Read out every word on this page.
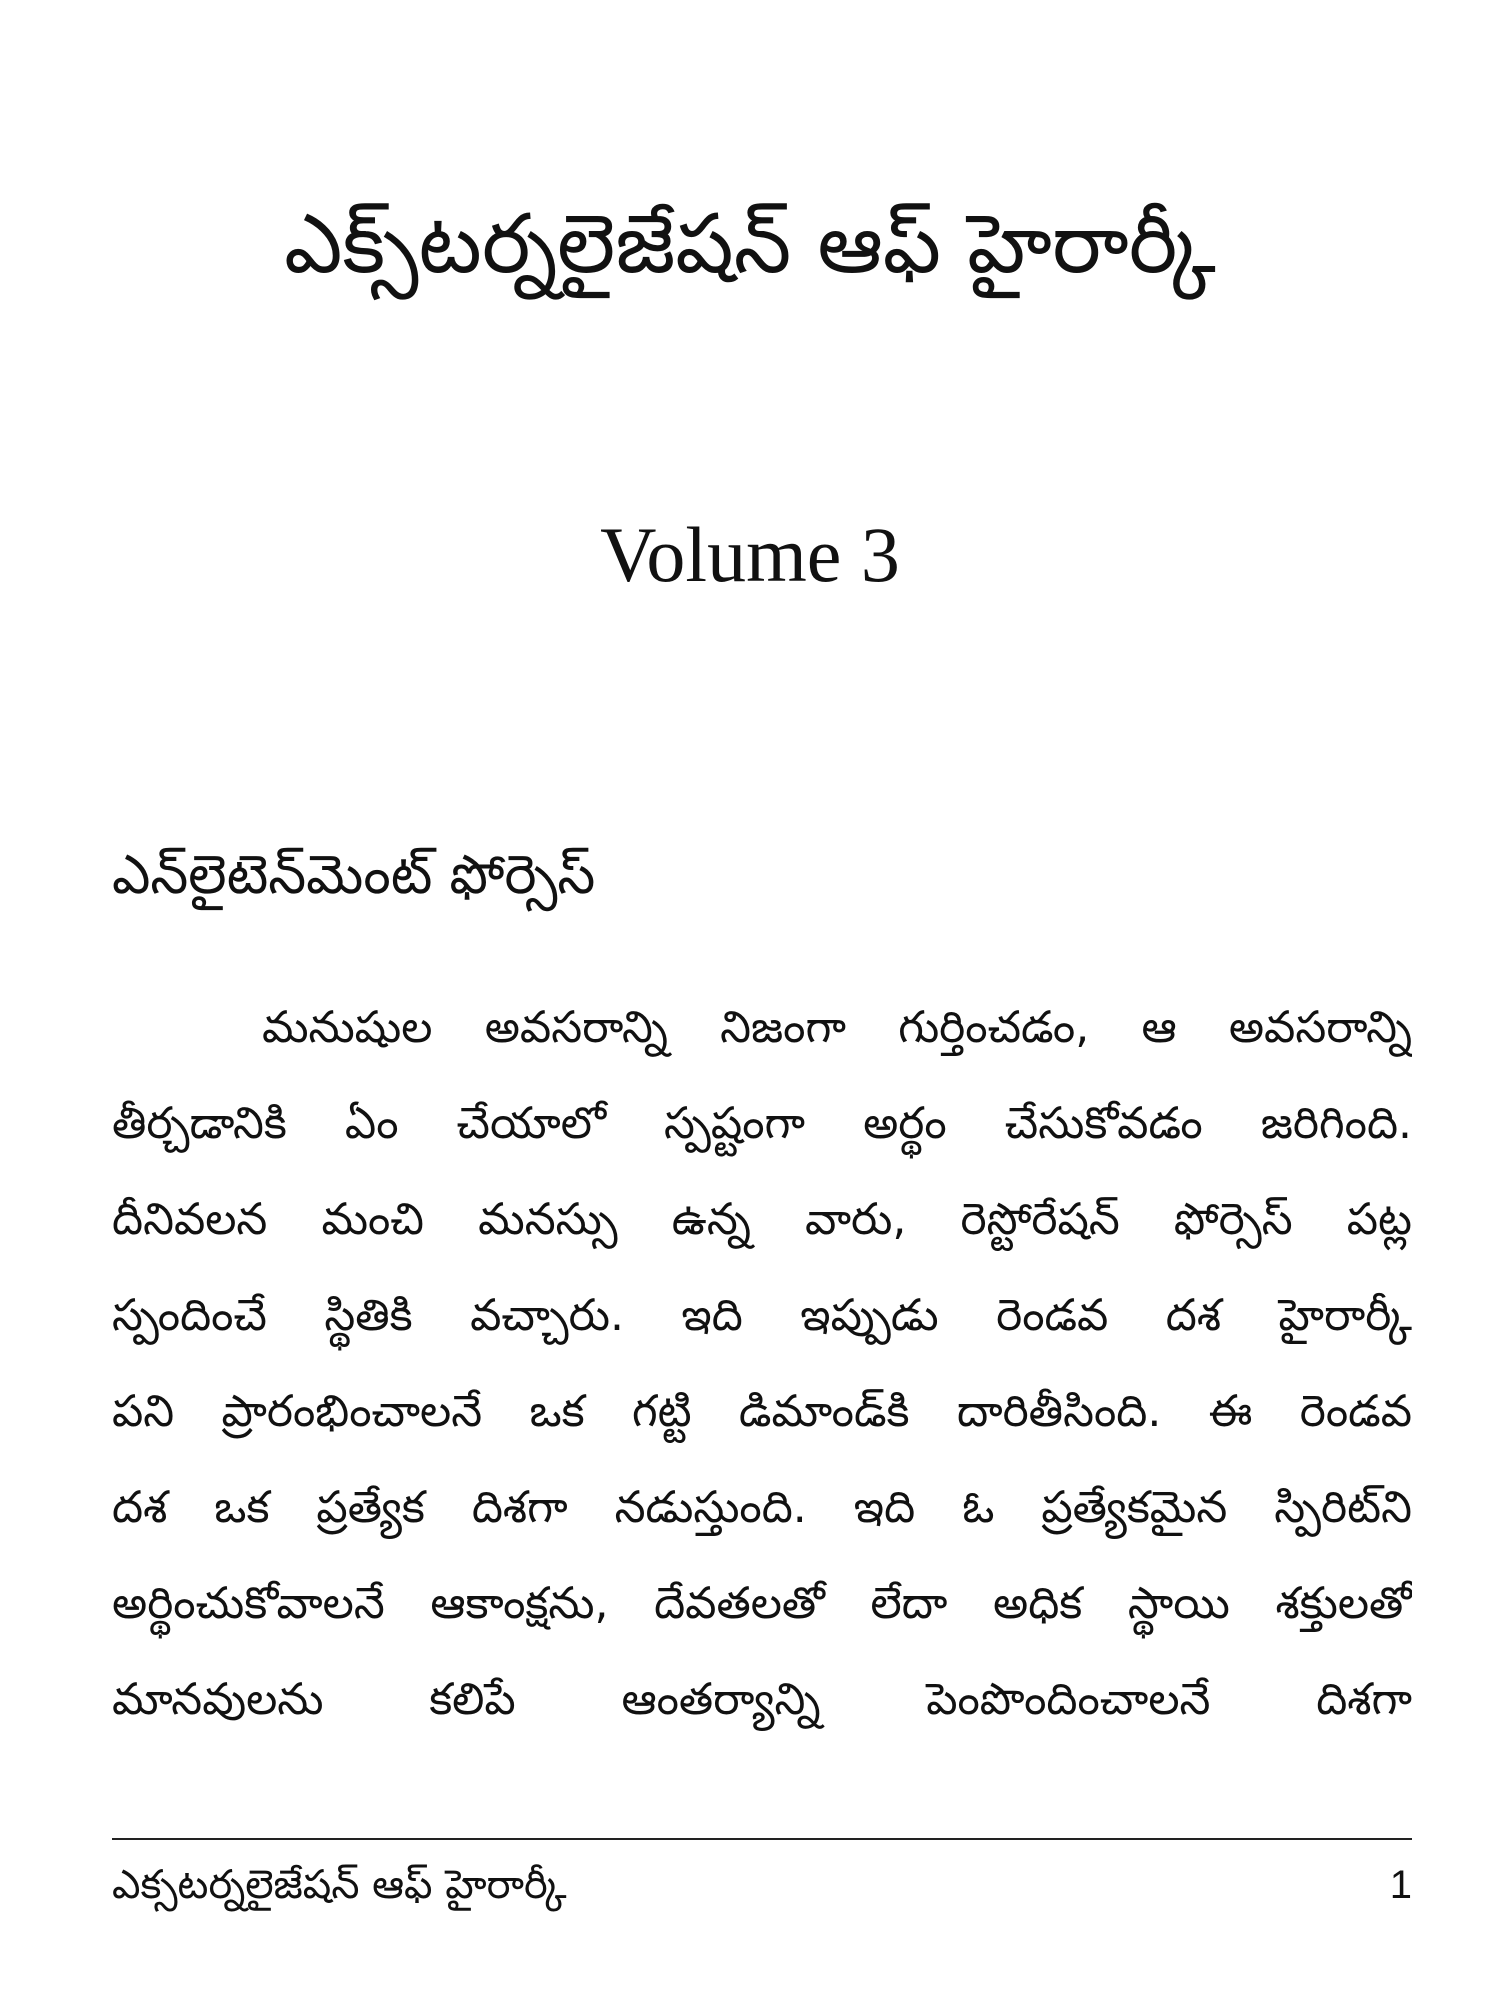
ఎక్స్‌టర్నలైజేషన్ ఆఫ్ హైరార్కీ
Volume 3
ఎన్‌లైటెన్‌మెంట్ ఫోర్సెస్
మనుషుల అవసరాన్ని నిజంగా గుర్తించడం, ఆ అవసరాన్ని
తీర్చడానికి ఏం చేయాలో స్పష్టంగా అర్థం చేసుకోవడం జరిగింది.
దీనివలన మంచి మనస్సు ఉన్న వారు, రెస్టోరేషన్ ఫోర్సెస్ పట్ల
స్పందించే స్థితికి వచ్చారు. ఇది ఇప్పుడు రెండవ దశ హైరార్కీ
పని ప్రారంభించాలనే ఒక గట్టి డిమాండ్‌కి దారితీసింది. ఈ రెండవ
దశ ఒక ప్రత్యేక దిశగా నడుస్తుంది. ఇది ఓ ప్రత్యేకమైన స్పిరిట్‌ని
అర్థించుకోవాలనే ఆకాంక్షను, దేవతలతో లేదా అధిక స్థాయి శక్తులతో
మానవులను కలిపే ఆంతర్యాన్ని పెంపొందించాలనే దిశగా

ఎక్సటర్నలైజేషన్ ఆఫ్ హైరార్కీ	1
